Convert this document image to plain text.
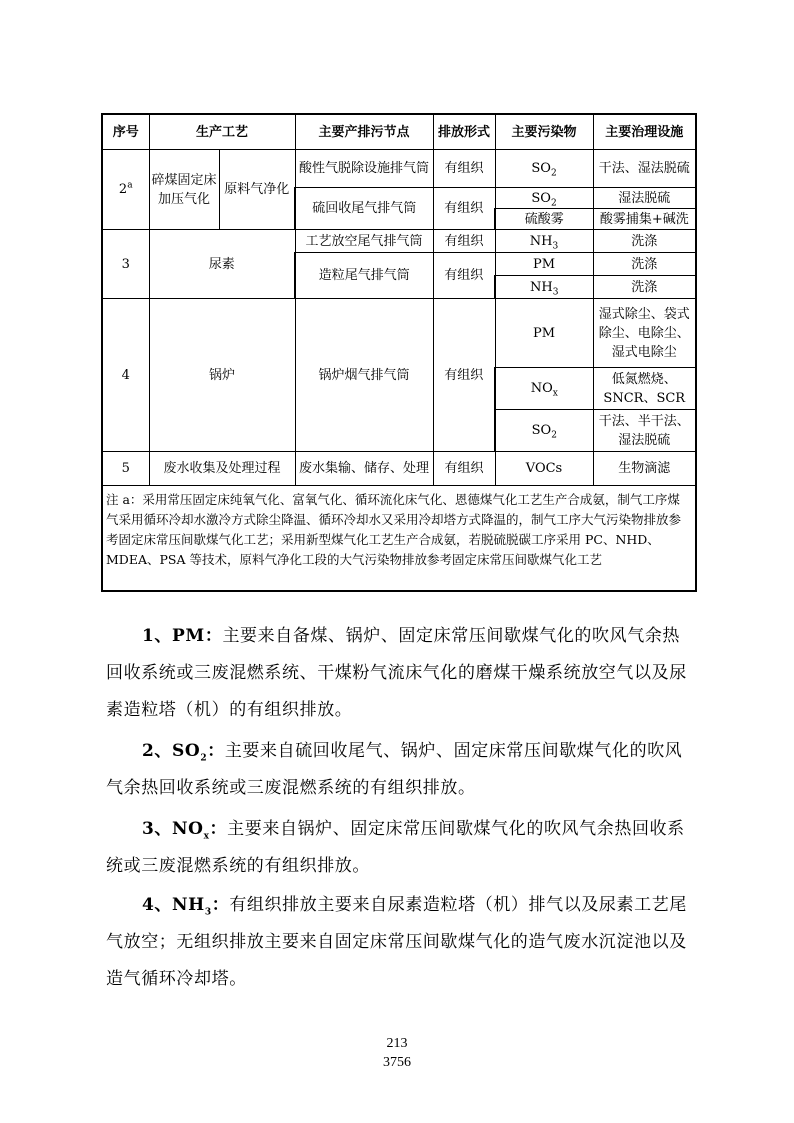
序号	生产工艺		主要产排污节点	排放形式	主要污染物	主要治理设施
2$^a$	碎煤固定床加压气化	原料气净化	酸性气脱除设施排气筒	有组织	$SO_2$	干法、湿法脱硫
			硫回收尾气排气筒	有组织	$SO_2$	湿法脱硫
					硫酸雾	酸雾捕集+碱洗
3	尿素		工艺放空尾气排气筒	有组织	$NH_3$	洗涤
			造粒尾气排气筒	有组织	PM	洗涤
					$NH_3$	洗涤
4	锅炉		锅炉烟气排气筒	有组织	PM	湿式除尘、袋式除尘、电除尘、湿式电除尘
					$NO_x$	低氮燃烧、SNCR、SCR
					$SO_2$	干法、半干法、湿法脱硫
5	废水收集及处理过程		废水集输、储存、处理	有组织	VOCs	生物滴滤
注 a：采用常压固定床纯氧气化、富氧气化、循环流化床气化、恩德煤气化工艺生产合成氨，制气工序煤气采用循环冷却水激冷方式除尘降温、循环冷却水又采用冷却塔方式降温的，制气工序大气污染物排放参考固定床常压间歇煤气化工艺；采用新型煤气化工艺生产合成氨，若脱硫脱碳工序采用 PC、NHD、MDEA、PSA 等技术，原料气净化工段的大气污染物排放参考固定床常压间歇煤气化工艺						

1、PM：主要来自备煤、锅炉、固定床常压间歇煤气化的吹风气余热回收系统或三废混燃系统、干煤粉气流床气化的磨煤干燥系统放空气以及尿素造粒塔（机）的有组织排放。

2、$SO_2$：主要来自硫回收尾气、锅炉、固定床常压间歇煤气化的吹风气余热回收系统或三废混燃系统的有组织排放。

3、$NO_x$：主要来自锅炉、固定床常压间歇煤气化的吹风气余热回收系统或三废混燃系统的有组织排放。

4、$NH_3$：有组织排放主要来自尿素造粒塔（机）排气以及尿素工艺尾气放空；无组织排放主要来自固定床常压间歇煤气化的造气废水沉淀池以及造气循环冷却塔。

213
3756
